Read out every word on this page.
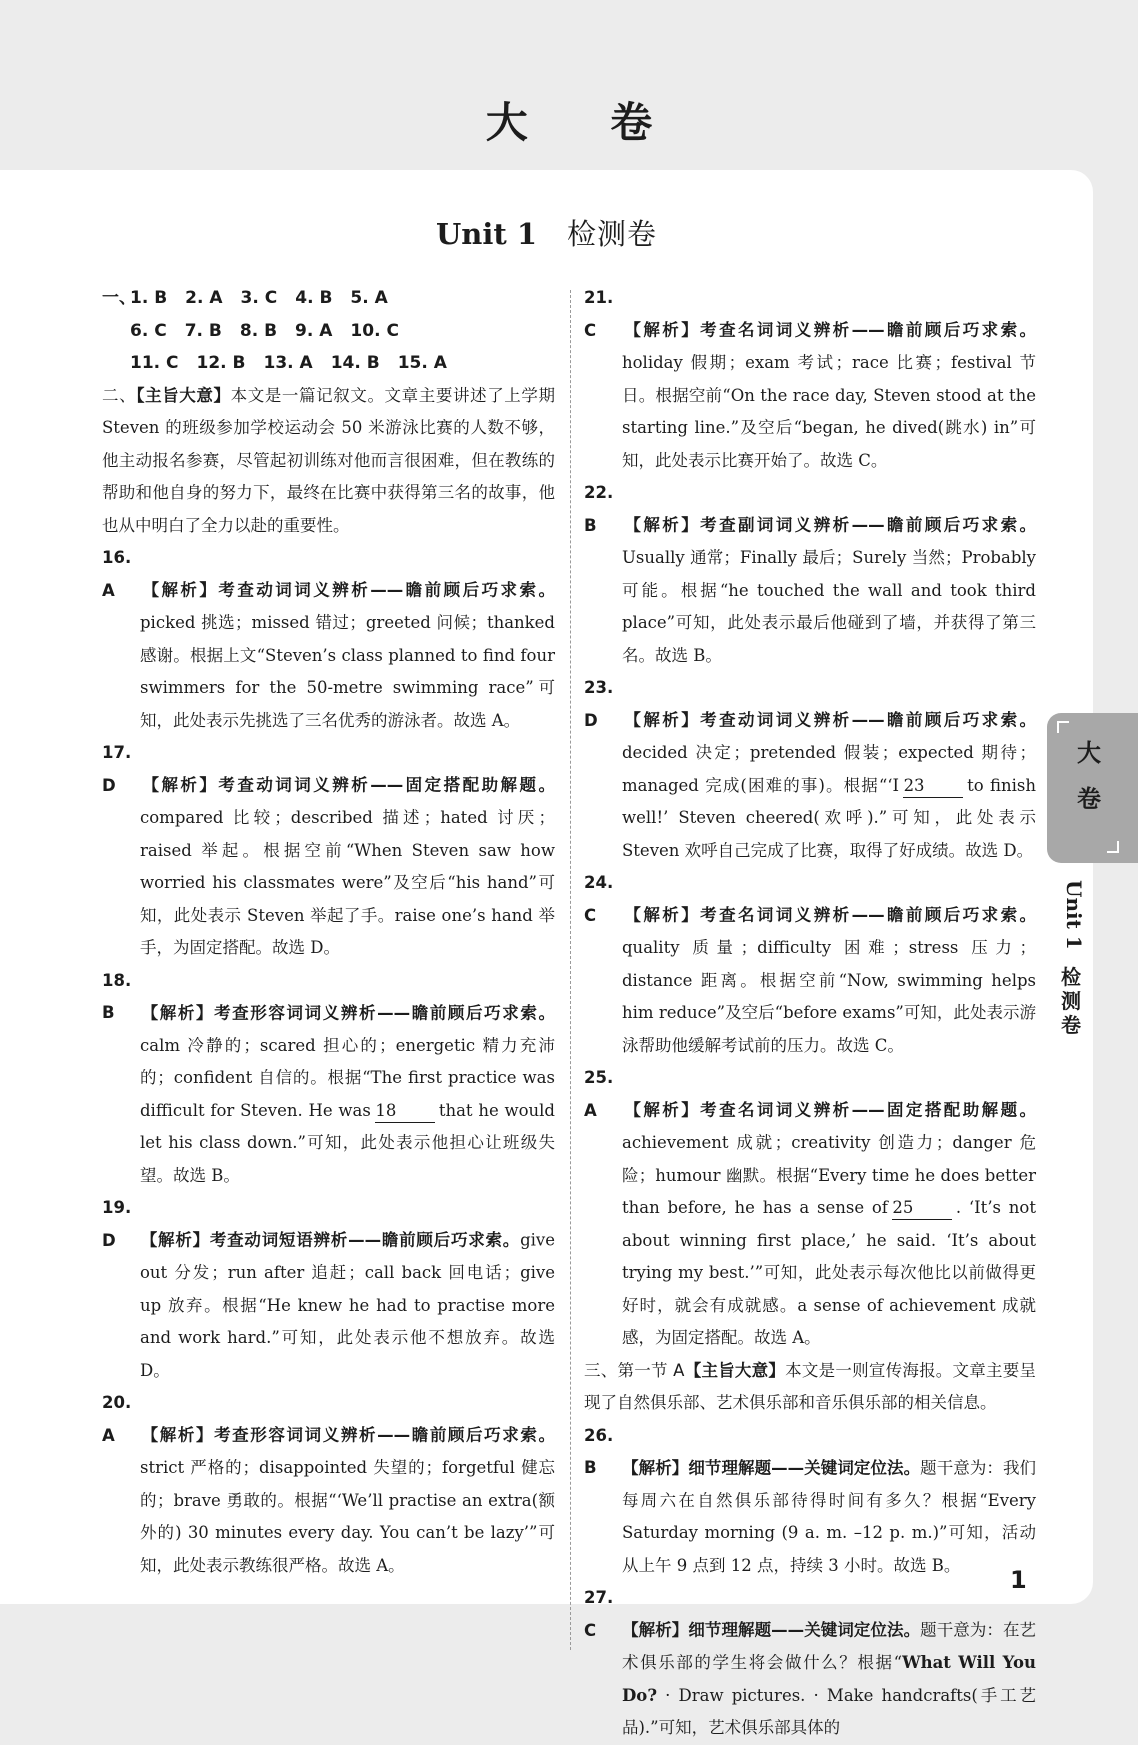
大 卷
Unit 1 检测卷
一、1. B 2. A 3. C 4. B 5. A
6. C 7. B 8. B 9. A 10. C
11. C 12. B 13. A 14. B 15. A
二、【主旨大意】本文是一篇记叙文。文章主要讲述了上学期 Steven 的班级参加学校运动会 50 米游泳比赛的人数不够，他主动报名参赛，尽管起初训练对他而言很困难，但在教练的帮助和他自身的努力下，最终在比赛中获得第三名的故事，他也从中明白了全力以赴的重要性。
16. A 【解析】考查动词词义辨析——瞻前顾后巧求索。picked 挑选；missed 错过；greeted 问候；thanked 感谢。根据上文“Steven’s class planned to find four swimmers for the 50-metre swimming race”可知，此处表示先挑选了三名优秀的游泳者。故选 A。
17. D 【解析】考查动词词义辨析——固定搭配助解题。compared 比较；described 描述；hated 讨厌；raised 举起。根据空前“When Steven saw how worried his classmates were”及空后“his hand”可知，此处表示 Steven 举起了手。raise one’s hand 举手，为固定搭配。故选 D。
18. B 【解析】考查形容词词义辨析——瞻前顾后巧求索。calm 冷静的；scared 担心的；energetic 精力充沛的；confident 自信的。根据“The first practice was difficult for Steven. He was 18	that he would let his class down.”可知，此处表示他担心让班级失望。故选 B。
19. D 【解析】考查动词短语辨析——瞻前顾后巧求索。give out 分发；run after 追赶；call back 回电话；give up 放弃。根据“He knew he had to practise more and work hard.”可知，此处表示他不想放弃。故选 D。
20. A 【解析】考查形容词词义辨析——瞻前顾后巧求索。strict 严格的；disappointed 失望的；forgetful 健忘的；brave 勇敢的。根据“‘We’ll practise an extra(额外的) 30 minutes every day. You can’t be lazy’”可知，此处表示教练很严格。故选 A。
21. C 【解析】考查名词词义辨析——瞻前顾后巧求索。holiday 假期；exam 考试；race 比赛；festival 节日。根据空前“On the race day, Steven stood at the starting line.”及空后“began, he dived(跳水) in”可知，此处表示比赛开始了。故选 C。
22. B 【解析】考查副词词义辨析——瞻前顾后巧求索。Usually 通常；Finally 最后；Surely 当然；Probably 可能。根据“he touched the wall and took third place”可知，此处表示最后他碰到了墙，并获得了第三名。故选 B。
23. D 【解析】考查动词词义辨析——瞻前顾后巧求索。decided 决定；pretended 假装；expected 期待；managed 完成(困难的事)。根据“‘I 23	to finish well!’ Steven cheered(欢呼).”可知，此处表示 Steven 欢呼自己完成了比赛，取得了好成绩。故选 D。
24. C 【解析】考查名词词义辨析——瞻前顾后巧求索。quality 质量；difficulty 困难；stress 压力；distance 距离。根据空前“Now, swimming helps him reduce”及空后“before exams”可知，此处表示游泳帮助他缓解考试前的压力。故选 C。
25. A 【解析】考查名词词义辨析——固定搭配助解题。achievement 成就；creativity 创造力；danger 危险；humour 幽默。根据“Every time he does better than before, he has a sense of 25	. ‘It’s not about winning first place,’ he said. ‘It’s about trying my best.’”可知，此处表示每次他比以前做得更好时，就会有成就感。a sense of achievement 成就感，为固定搭配。故选 A。
三、第一节 A【主旨大意】本文是一则宣传海报。文章主要呈现了自然俱乐部、艺术俱乐部和音乐俱乐部的相关信息。
26. B 【解析】细节理解题——关键词定位法。题干意为：我们每周六在自然俱乐部待得时间有多久？根据“Every Saturday morning (9 a. m. –12 p. m.)”可知，活动从上午 9 点到 12 点，持续 3 小时。故选 B。
27. C 【解析】细节理解题——关键词定位法。题干意为：在艺术俱乐部的学生将会做什么？根据“What Will You Do? · Draw pictures. · Make handcrafts(手工艺品).”可知，艺术俱乐部具体的
大
卷
Unit 1
检
测
卷
1
